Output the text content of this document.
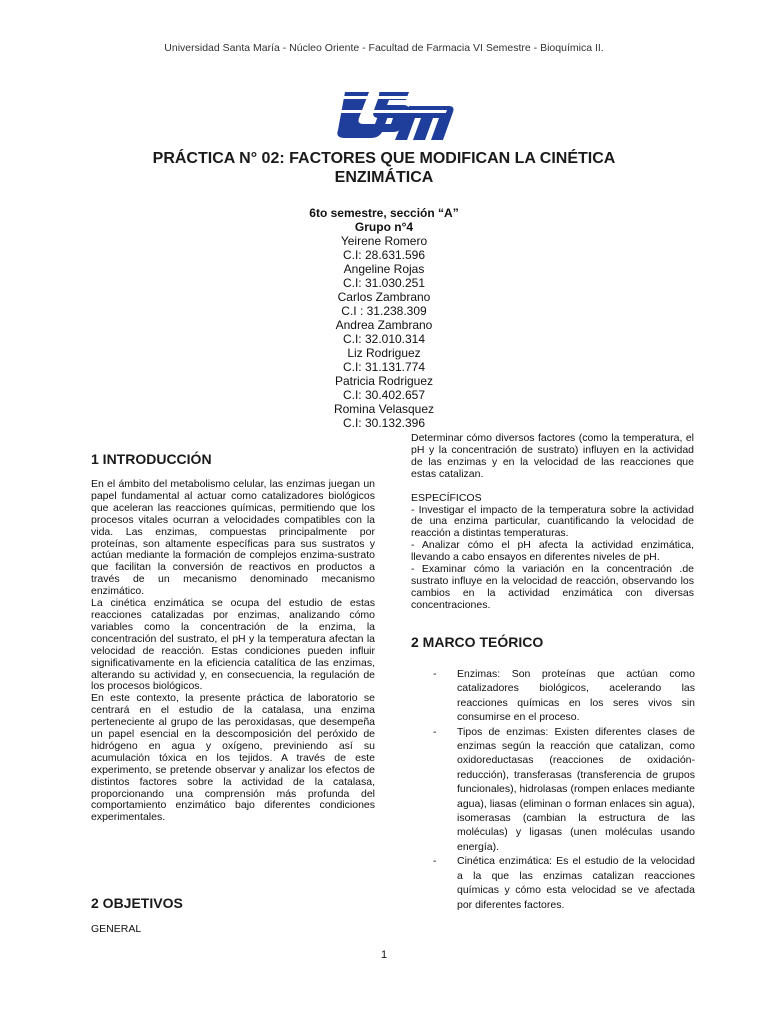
Universidad Santa María - Núcleo Oriente - Facultad de Farmacia VI Semestre - Bioquímica II.
PRÁCTICA N° 02: FACTORES QUE MODIFICAN LA CINÉTICA
ENZIMÁTICA
6to semestre, sección “A”
Grupo n°4
Yeirene Romero
C.I: 28.631.596
Angeline Rojas
C.I: 31.030.251
Carlos Zambrano
C.I : 31.238.309
Andrea Zambrano
C.I: 32.010.314
Liz Rodriguez
C.I: 31.131.774
Patricia Rodriguez
C.I: 30.402.657
Romina Velasquez
C.I: 30.132.396
1 INTRODUCCIÓN

En el ámbito del metabolismo celular, las enzimas juegan un papel fundamental al actuar como catalizadores biológicos que aceleran las reacciones químicas, permitiendo que los procesos vitales ocurran a velocidades compatibles con la vida. Las enzimas, compuestas principalmente por proteínas, son altamente específicas para sus sustratos y actúan mediante la formación de complejos enzima-sustrato que facilitan la conversión de reactivos en productos a través de un mecanismo denominado mecanismo enzimático.

La cinética enzimática se ocupa del estudio de estas reacciones catalizadas por enzimas, analizando cómo variables como la concentración de la enzima, la concentración del sustrato, el pH y la temperatura afectan la velocidad de reacción. Estas condiciones pueden influir significativamente en la eficiencia catalítica de las enzimas, alterando su actividad y, en consecuencia, la regulación de los procesos biológicos.

En este contexto, la presente práctica de laboratorio se centrará en el estudio de la catalasa, una enzima perteneciente al grupo de las peroxidasas, que desempeña un papel esencial en la descomposición del peróxido de hidrógeno en agua y oxígeno, previniendo así su acumulación tóxica en los tejidos. A través de este experimento, se pretende observar y analizar los efectos de distintos factores sobre la actividad de la catalasa, proporcionando una comprensión más profunda del comportamiento enzimático bajo diferentes condiciones experimentales.

2 OBJETIVOS
GENERAL

Determinar cómo diversos factores (como la temperatura, el pH y la concentración de sustrato) influyen en la actividad de las enzimas y en la velocidad de las reacciones que estas catalizan.

ESPECÍFICOS

- Investigar el impacto de la temperatura sobre la actividad de una enzima particular, cuantificando la velocidad de reacción a distintas temperaturas.

- Analizar cómo el pH afecta la actividad enzimática, llevando a cabo ensayos en diferentes niveles de pH.

- Examinar cómo la variación en la concentración .de sustrato influye en la velocidad de reacción, observando los cambios en la actividad enzimática con diversas concentraciones.

2 MARCO TEÓRICO
- Enzimas: Son proteínas que actúan como catalizadores biológicos, acelerando las reacciones químicas en los seres vivos sin consumirse en el proceso.
- Tipos de enzimas: Existen diferentes clases de enzimas según la reacción que catalizan, como oxidoreductasas (reacciones de oxidación-reducción), transferasas (transferencia de grupos funcionales), hidrolasas (rompen enlaces mediante agua), liasas (eliminan o forman enlaces sin agua), isomerasas (cambian la estructura de las moléculas) y ligasas (unen moléculas usando energía).
- Cinética enzimática: Es el estudio de la velocidad a la que las enzimas catalizan reacciones químicas y cómo esta velocidad se ve afectada por diferentes factores.
1
